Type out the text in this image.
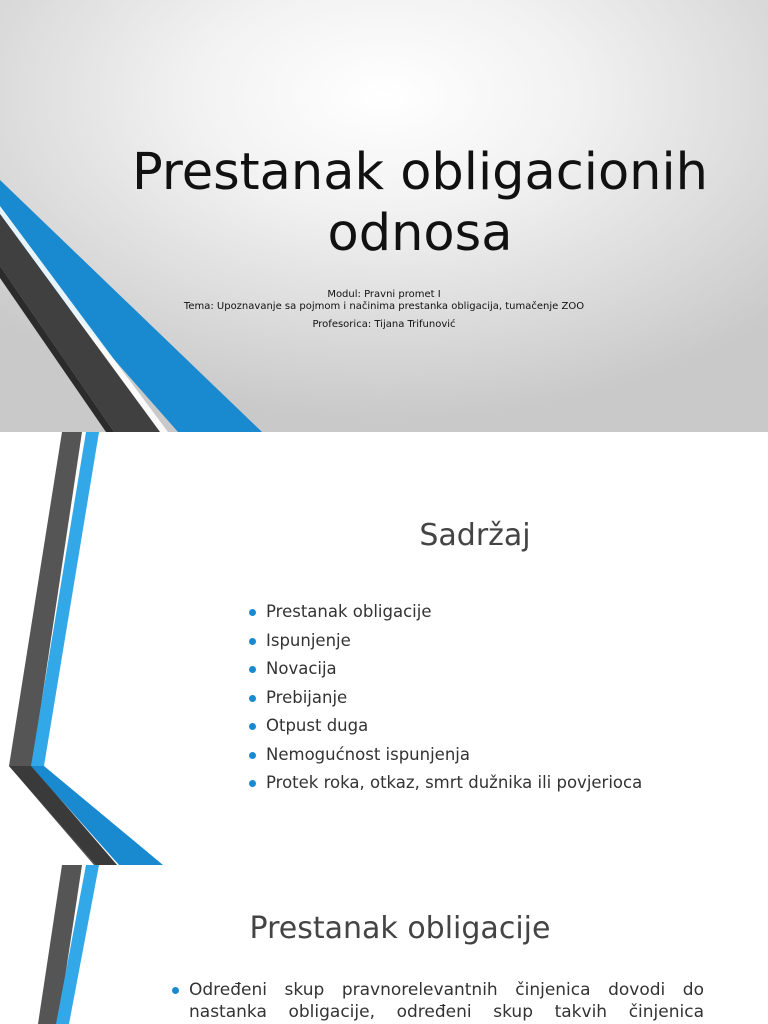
Prestanak obligacionih odnosa
Modul: Pravni promet I
Tema: Upoznavanje sa pojmom i načinima prestanka obligacija, tumačenje ZOO
Profesorica: Tijana Trifunović
Sadržaj
Prestanak obligacije
Ispunjenje
Novacija
Prebijanje
Otpust duga
Nemogućnost ispunjenja
Protek roka, otkaz, smrt dužnika ili povjerioca
Prestanak obligacije
Određeni skup pravnorelevantnih činjenica dovodi do nastanka obligacije, određeni skup takvih činjenica
